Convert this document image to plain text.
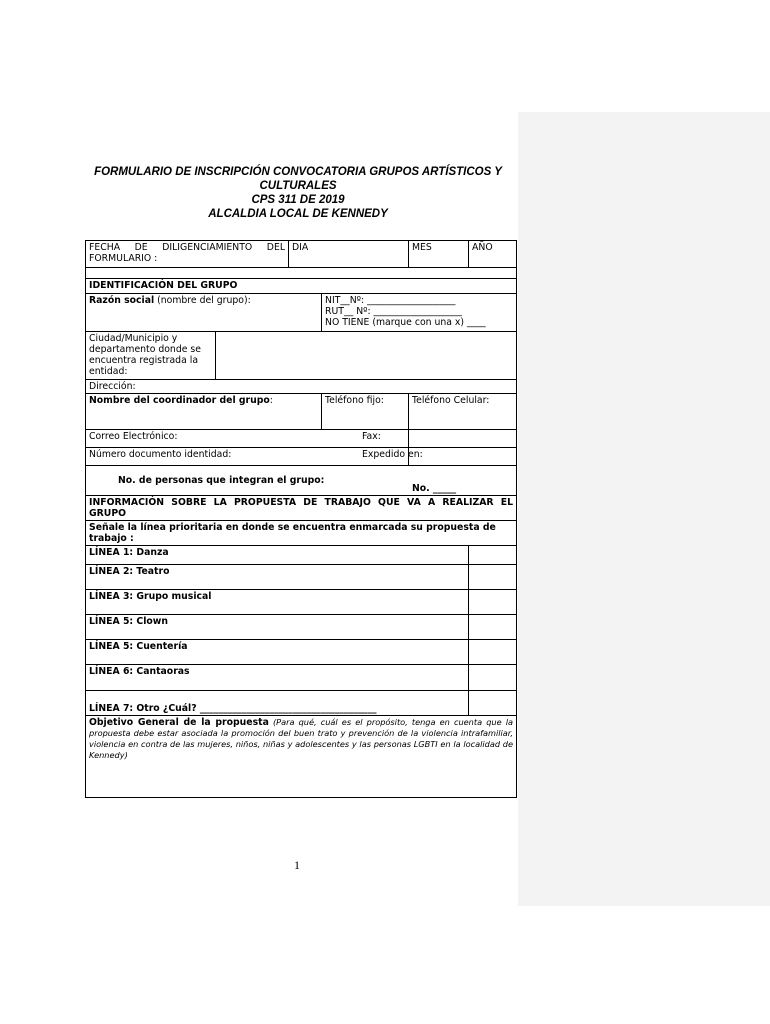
FORMULARIO DE INSCRIPCIÓN CONVOCATORIA GRUPOS ARTÍSTICOS Y
CULTURALES
CPS 311 DE 2019
ALCALDIA LOCAL DE KENNEDY
FECHA DE DILIGENCIAMIENTO DEL FORMULARIO :	DIA	MES	AÑO

IDENTIFICACIÓN DEL GRUPO
Razón social (nombre del grupo):	NIT__Nº: ___________________
RUT__ Nº: ___________________
NO TIENE (marque con una x) ____

Ciudad/Municipio y departamento donde se encuentra registrada la entidad:	
Dirección:
Nombre del coordinador del grupo:	Teléfono fijo:	Teléfono Celular:
Correo Electrónico:	Fax:
Número documento identidad:	Expedido en:

No. de personas que integran el grupo:
No. _____

INFORMACIÓN SOBRE LA PROPUESTA DE TRABAJO QUE VA A REALIZAR EL GRUPO
Señale la línea prioritaria en donde se encuentra enmarcada su propuesta de trabajo :
LÍNEA 1: Danza	
LÍNEA 2: Teatro	
LÍNEA 3: Grupo musical	
LÍNEA 5: Clown	
LÍNEA 5: Cuentería	
LÍNEA 6: Cantaoras	
LÍNEA 7: Otro ¿Cuál? ______________________________________	
Objetivo General de la propuesta (Para qué, cuál es el propósito, tenga en cuenta que la propuesta debe estar asociada la promoción del buen trato y prevención de la violencia intrafamiliar, violencia en contra de las mujeres, niños, niñas y adolescentes y las personas LGBTI en la localidad de Kennedy)
1
